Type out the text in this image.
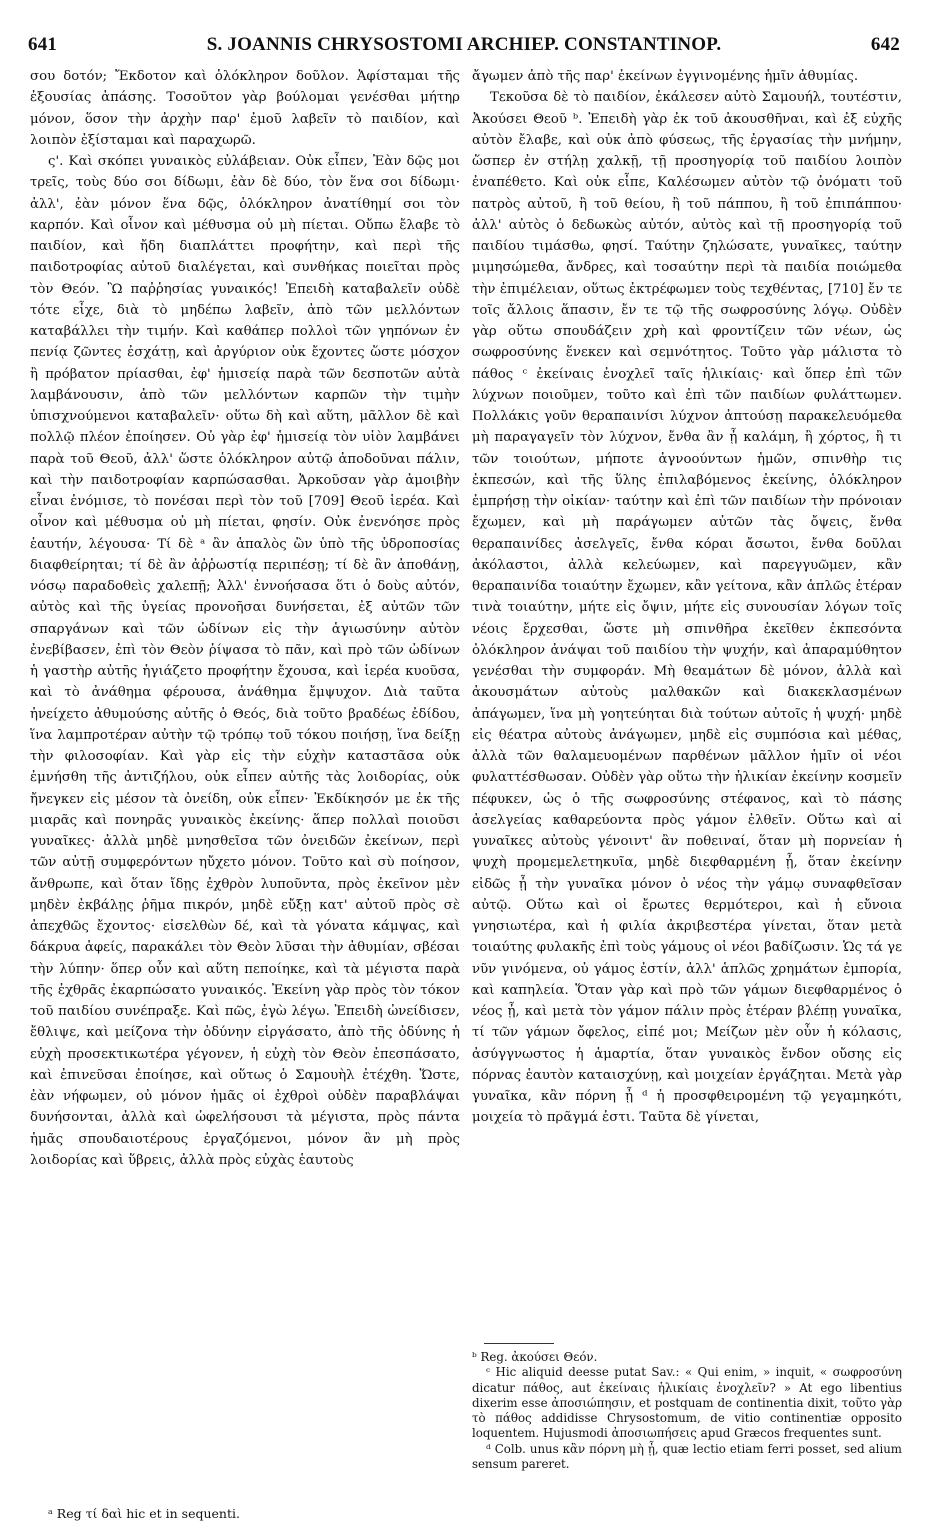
641	S. JOANNIS CHRYSOSTOMI ARCHIEP. CONSTANTINOP.	642

σου δοτόν; Ἔκδοτον καὶ ὁλόκληρον δοῦλον. Ἀφίσταμαι τῆς ἐξουσίας ἁπάσης. Τοσοῦτον γὰρ βούλομαι γενέσθαι μήτηρ μόνον, ὅσον τὴν ἀρχὴν παρ' ἐμοῦ λαβεῖν τὸ παιδίον, καὶ λοιπὸν ἐξίσταμαι καὶ παραχωρῶ.

ς'. Καὶ σκόπει γυναικὸς εὐλάβειαν. Οὐκ εἶπεν, Ἐὰν δῷς μοι τρεῖς, τοὺς δύο σοι δίδωμι, ἐὰν δὲ δύο, τὸν ἕνα σοι δίδωμι· ἀλλ', ἐὰν μόνον ἕνα δῷς, ὁλόκληρον ἀνατίθημί σοι τὸν καρπόν. Καὶ οἶνον καὶ μέθυσμα οὐ μὴ πίεται. Οὔπω ἔλαβε τὸ παιδίον, καὶ ἤδη διαπλάττει προφήτην, καὶ περὶ τῆς παιδοτροφίας αὐτοῦ διαλέγεται, καὶ συνθήκας ποιεῖται πρὸς τὸν Θεόν. Ὢ παῤῥησίας γυναικός! Ἐπειδὴ καταβαλεῖν οὐδὲ τότε εἶχε, διὰ τὸ μηδέπω λαβεῖν, ἀπὸ τῶν μελλόντων καταβάλλει τὴν τιμήν. Καὶ καθάπερ πολλοὶ τῶν γηπόνων ἐν πενίᾳ ζῶντες ἐσχάτῃ, καὶ ἀργύριον οὐκ ἔχοντες ὥστε μόσχον ἢ πρόβατον πρίασθαι, ἐφ' ἡμισείᾳ παρὰ τῶν δεσποτῶν αὐτὰ λαμβάνουσιν, ἀπὸ τῶν μελλόντων καρπῶν τὴν τιμὴν ὑπισχνούμενοι καταβαλεῖν· οὕτω δὴ καὶ αὕτη, μᾶλλον δὲ καὶ πολλῷ πλέον ἐποίησεν. Οὐ γὰρ ἐφ' ἡμισείᾳ τὸν υἱὸν λαμβάνει παρὰ τοῦ Θεοῦ, ἀλλ' ὥστε ὁλόκληρον αὐτῷ ἀποδοῦναι πάλιν, καὶ τὴν παιδοτροφίαν καρπώσασθαι. Ἀρκοῦσαν γὰρ ἀμοιβὴν εἶναι ἐνόμισε, τὸ πονέσαι περὶ τὸν τοῦ [709] Θεοῦ ἱερέα. Καὶ οἶνον καὶ μέθυσμα οὐ μὴ πίεται, φησίν. Οὐκ ἐνενόησε πρὸς ἑαυτήν, λέγουσα· Τί δὲ ᵃ ἂν ἁπαλὸς ὢν ὑπὸ τῆς ὑδροποσίας διαφθείρηται; τί δὲ ἂν ἀῤῥωστίᾳ περιπέσῃ; τί δὲ ἂν ἀποθάνῃ, νόσῳ παραδοθεὶς χαλεπῇ; Ἀλλ' ἐννοήσασα ὅτι ὁ δοὺς αὐτόν, αὐτὸς καὶ τῆς ὑγείας προνοῆσαι δυνήσεται, ἐξ αὐτῶν τῶν σπαργάνων καὶ τῶν ὠδίνων εἰς τὴν ἁγιωσύνην αὐτὸν ἐνεβίβασεν, ἐπὶ τὸν Θεὸν ῥίψασα τὸ πᾶν, καὶ πρὸ τῶν ὠδίνων ἡ γαστὴρ αὐτῆς ἡγιάζετο προφήτην ἔχουσα, καὶ ἱερέα κυοῦσα, καὶ τὸ ἀνάθημα φέρουσα, ἀνάθημα ἔμψυχον. Διὰ ταῦτα ἠνείχετο ἀθυμούσης αὐτῆς ὁ Θεός, διὰ τοῦτο βραδέως ἐδίδου, ἵνα λαμπροτέραν αὐτὴν τῷ τρόπῳ τοῦ τόκου ποιήσῃ, ἵνα δείξῃ τὴν φιλοσοφίαν. Καὶ γὰρ εἰς τὴν εὐχὴν καταστᾶσα οὐκ ἐμνήσθη τῆς ἀντιζήλου, οὐκ εἶπεν αὐτῆς τὰς λοιδορίας, οὐκ ἤνεγκεν εἰς μέσον τὰ ὀνείδη, οὐκ εἶπεν· Ἐκδίκησόν με ἐκ τῆς μιαρᾶς καὶ πονηρᾶς γυναικὸς ἐκείνης· ἅπερ πολλαὶ ποιοῦσι γυναῖκες· ἀλλὰ μηδὲ μνησθεῖσα τῶν ὀνειδῶν ἐκείνων, περὶ τῶν αὐτῇ συμφερόντων ηὔχετο μόνον. Τοῦτο καὶ σὺ ποίησον, ἄνθρωπε, καὶ ὅταν ἴδῃς ἐχθρὸν λυποῦντα, πρὸς ἐκεῖνον μὲν μηδὲν ἐκβάλῃς ῥῆμα πικρόν, μηδὲ εὔξῃ κατ' αὐτοῦ πρὸς σὲ ἀπεχθῶς ἔχοντος· εἰσελθὼν δέ, καὶ τὰ γόνατα κάμψας, καὶ δάκρυα ἀφείς, παρακάλει τὸν Θεὸν λῦσαι τὴν ἀθυμίαν, σβέσαι τὴν λύπην· ὅπερ οὖν καὶ αὕτη πεποίηκε, καὶ τὰ μέγιστα παρὰ τῆς ἐχθρᾶς ἐκαρπώσατο γυναικός. Ἐκείνη γὰρ πρὸς τὸν τόκον τοῦ παιδίου συνέπραξε. Καὶ πῶς, ἐγὼ λέγω. Ἐπειδὴ ὠνείδισεν, ἔθλιψε, καὶ μείζονα τὴν ὀδύνην εἰργάσατο, ἀπὸ τῆς ὀδύνης ἡ εὐχὴ προσεκτικωτέρα γέγονεν, ἡ εὐχὴ τὸν Θεὸν ἐπεσπάσατο, καὶ ἐπινεῦσαι ἐποίησε, καὶ οὕτως ὁ Σαμουὴλ ἐτέχθη. Ὥστε, ἐὰν νήφωμεν, οὐ μόνον ἡμᾶς οἱ ἐχθροὶ οὐδὲν παραβλάψαι δυνήσονται, ἀλλὰ καὶ ὠφελήσουσι τὰ μέγιστα, πρὸς πάντα ἡμᾶς σπουδαιοτέρους ἐργαζόμενοι, μόνον ἂν μὴ πρὸς λοιδορίας καὶ ὕβρεις, ἀλλὰ πρὸς εὐχὰς ἑαυτοὺς

ἄγωμεν ἀπὸ τῆς παρ' ἐκείνων ἐγγινομένης ἡμῖν ἀθυμίας.

Τεκοῦσα δὲ τὸ παιδίον, ἐκάλεσεν αὐτὸ Σαμουήλ, τουτέστιν, Ἀκούσει Θεοῦ ᵇ. Ἐπειδὴ γὰρ ἐκ τοῦ ἀκουσθῆναι, καὶ ἐξ εὐχῆς αὐτὸν ἔλαβε, καὶ οὐκ ἀπὸ φύσεως, τῆς ἐργασίας τὴν μνήμην, ὥσπερ ἐν στήλῃ χαλκῇ, τῇ προσηγορίᾳ τοῦ παιδίου λοιπὸν ἐναπέθετο. Καὶ οὐκ εἶπε, Καλέσωμεν αὐτὸν τῷ ὀνόματι τοῦ πατρὸς αὐτοῦ, ἢ τοῦ θείου, ἢ τοῦ πάππου, ἢ τοῦ ἐπιπάππου· ἀλλ' αὐτὸς ὁ δεδωκὼς αὐτόν, αὐτὸς καὶ τῇ προσηγορίᾳ τοῦ παιδίου τιμάσθω, φησί. Ταύτην ζηλώσατε, γυναῖκες, ταύτην μιμησώμεθα, ἄνδρες, καὶ τοσαύτην περὶ τὰ παιδία ποιώμεθα τὴν ἐπιμέλειαν, οὕτως ἐκτρέφωμεν τοὺς τεχθέντας, [710] ἔν τε τοῖς ἄλλοις ἅπασιν, ἔν τε τῷ τῆς σωφροσύνης λόγῳ. Οὐδὲν γὰρ οὕτω σπουδάζειν χρὴ καὶ φροντίζειν τῶν νέων, ὡς σωφροσύνης ἕνεκεν καὶ σεμνότητος. Τοῦτο γὰρ μάλιστα τὸ πάθος ᶜ ἐκείναις ἐνοχλεῖ ταῖς ἡλικίαις· καὶ ὅπερ ἐπὶ τῶν λύχνων ποιοῦμεν, τοῦτο καὶ ἐπὶ τῶν παιδίων φυλάττωμεν. Πολλάκις γοῦν θεραπαινίσι λύχνον ἀπτούσῃ παρακελευόμεθα μὴ παραγαγεῖν τὸν λύχνον, ἔνθα ἂν ᾖ καλάμη, ἢ χόρτος, ἢ τι τῶν τοιούτων, μήποτε ἀγνοούντων ἡμῶν, σπινθὴρ τις ἐκπεσών, καὶ τῆς ὕλης ἐπιλαβόμενος ἐκείνης, ὁλόκληρον ἐμπρήσῃ τὴν οἰκίαν· ταύτην καὶ ἐπὶ τῶν παιδίων τὴν πρόνοιαν ἔχωμεν, καὶ μὴ παράγωμεν αὐτῶν τὰς ὄψεις, ἔνθα θεραπαινίδες ἀσελγεῖς, ἔνθα κόραι ἄσωτοι, ἔνθα δοῦλαι ἀκόλαστοι, ἀλλὰ κελεύωμεν, καὶ παρεγγυῶμεν, κἂν θεραπαινίδα τοιαύτην ἔχωμεν, κἂν γείτονα, κἂν ἁπλῶς ἑτέραν τινὰ τοιαύτην, μήτε εἰς ὄψιν, μήτε εἰς συνουσίαν λόγων τοῖς νέοις ἔρχεσθαι, ὥστε μὴ σπινθῆρα ἐκεῖθεν ἐκπεσόντα ὁλόκληρον ἀνάψαι τοῦ παιδίου τὴν ψυχήν, καὶ ἀπαραμύθητον γενέσθαι τὴν συμφοράν. Μὴ θεαμάτων δὲ μόνον, ἀλλὰ καὶ ἀκουσμάτων αὐτοὺς μαλθακῶν καὶ διακεκλασμένων ἀπάγωμεν, ἵνα μὴ γοητεύηται διὰ τούτων αὐτοῖς ἡ ψυχή· μηδὲ εἰς θέατρα αὐτοὺς ἀνάγωμεν, μηδὲ εἰς συμπόσια καὶ μέθας, ἀλλὰ τῶν θαλαμευομένων παρθένων μᾶλλον ἡμῖν οἱ νέοι φυλαττέσθωσαν. Οὐδὲν γὰρ οὕτω τὴν ἡλικίαν ἐκείνην κοσμεῖν πέφυκεν, ὡς ὁ τῆς σωφροσύνης στέφανος, καὶ τὸ πάσης ἀσελγείας καθαρεύοντα πρὸς γάμον ἐλθεῖν. Οὕτω καὶ αἱ γυναῖκες αὐτοὺς γένοιντ' ἂν ποθειναί, ὅταν μὴ πορνείαν ἡ ψυχὴ προμεμελετηκυῖα, μηδὲ διεφθαρμένη ᾖ, ὅταν ἐκείνην εἰδῶς ᾖ τὴν γυναῖκα μόνον ὁ νέος τὴν γάμῳ συναφθεῖσαν αὐτῷ. Οὕτω καὶ οἱ ἔρωτες θερμότεροι, καὶ ἡ εὔνοια γνησιωτέρα, καὶ ἡ φιλία ἀκριβεστέρα γίνεται, ὅταν μετὰ τοιαύτης φυλακῆς ἐπὶ τοὺς γάμους οἱ νέοι βαδίζωσιν. Ὡς τά γε νῦν γινόμενα, οὐ γάμος ἐστίν, ἀλλ' ἁπλῶς χρημάτων ἐμπορία, καὶ καπηλεία. Ὅταν γὰρ καὶ πρὸ τῶν γάμων διεφθαρμένος ὁ νέος ᾖ, καὶ μετὰ τὸν γάμον πάλιν πρὸς ἑτέραν βλέπῃ γυναῖκα, τί τῶν γάμων ὄφελος, εἰπέ μοι; Μείζων μὲν οὖν ἡ κόλασις, ἀσύγγνωστος ἡ ἁμαρτία, ὅταν γυναικὸς ἔνδον οὔσης εἰς πόρνας ἑαυτὸν καταισχύνῃ, καὶ μοιχείαν ἐργάζηται. Μετὰ γὰρ γυναῖκα, κἂν πόρνη ᾖ ᵈ ἡ προσφθειρομένη τῷ γεγαμηκότι, μοιχεία τὸ πρᾶγμά ἐστι. Ταῦτα δὲ γίνεται,

ᵃ Reg τί δαὶ hic et in sequenti.

ᵇ Reg. ἀκούσει Θεόν.

ᶜ Hic aliquid deesse putat Sav.: « Qui enim, » inquit, « σωφροσύνη dicatur πάθος, aut ἐκείναις ἡλικίαις ἐνοχλεῖν? » At ego libentius dixerim esse ἀποσιώπησιν, et postquam de continentia dixit, τοῦτο γὰρ τὸ πάθος addidisse Chrysostomum, de vitio continentiæ opposito loquentem. Hujusmodi ἀποσιωπήσεις apud Græcos frequentes sunt.

ᵈ Colb. unus κἂν πόρνη μὴ ᾖ, quæ lectio etiam ferri posset, sed alium sensum pareret.
